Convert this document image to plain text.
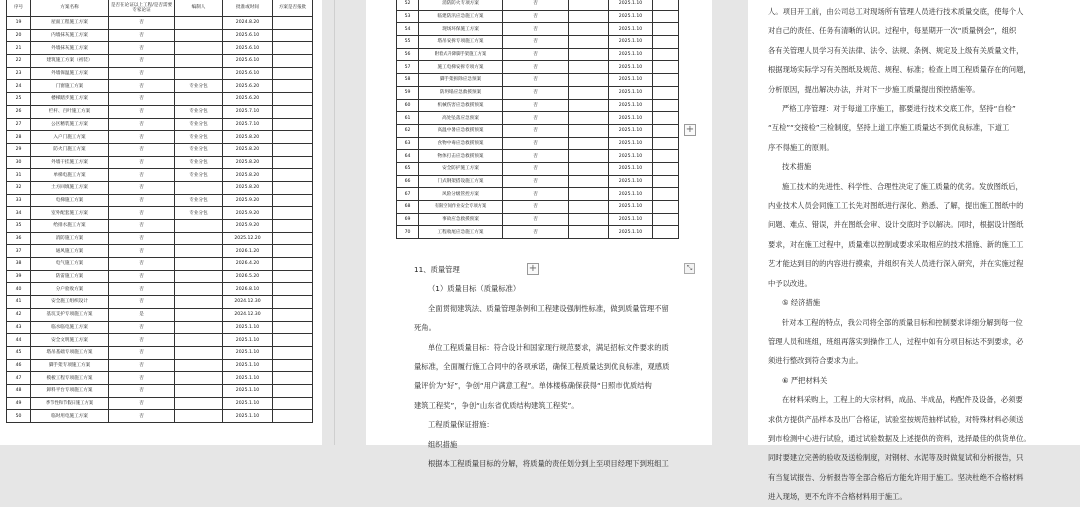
序号	方案名称	是否在论证以上工程/是否需要专家论证	编制人	批准或时间	方案是否报批
19	屋面工程施工方案	否		2024.8.20	
20	内墙抹灰施工方案	否		2025.6.10	
21	外墙抹灰施工方案	否		2025.6.10	
22	建筑施工方案（初装）	否		2025.6.10	
23	外墙保温施工方案	否		2025.6.10	
24	门窗施工方案	否	专业分包	2025.6.20	
25	楼梯踏步施工方案	否		2025.6.20	
26	栏杆、百叶施工方案	否	专业分包	2025.7.10	
27	公区精装施工方案	否	专业分包	2025.7.10	
28	入户门施工方案	否	专业分包	2025.8.20	
29	防火门施工方案	否	专业分包	2025.8.20	
30	外墙干挂施工方案	否	专业分包	2025.8.20	
31	单梯电施工方案	否	专业分包	2025.8.20	
32	土方回填施工方案	否		2025.8.20	
33	电梯施工方案	否	专业分包	2025.9.20	
34	室外配套施工方案	否	专业分包	2025.9.20	
35	给排水施工方案	否		2025.9.20	
36	消防施工方案	否		2025.12.20	
37	通风施工方案	否		2026.1.20	
38	电气施工方案	否		2026.4.20	
39	防雷施工方案	否		2026.5.20	
40	分户验收方案	否		2026.8.10	
41	安全施工组织设计	否		2024.12.30	
42	基坑支护专项施工方案	是		2024.12.30	
43	临水临电施工方案	否		2025.1.10	
44	安全文明施工方案	否		2025.1.10	
45	塔吊基础专项施工方案	否		2025.1.10	
46	脚手架专项施工方案	否		2025.1.10	
47	模板工程专项施工方案	否		2025.1.10	
48	卸料平台专项施工方案	否		2025.1.10	
49	季节性和节假日施工方案	否		2025.1.10	
50	临时用电施工方案	否		2025.1.10	
52	消防防火专项方案	否		2025.1.10	
53	临建防汛应急施工方案	否		2025.1.10	
54	现场环保施工方案	否		2025.1.10	
55	塔吊安拆专项施工方案	否		2025.1.10	
56	附着式升降脚手架施工方案	否		2025.1.10	
57	施工电梯安拆专项方案	否		2025.1.10	
58	脚手架拆除应急预案	否		2025.1.10	
59	防坍塌应急救援预案	否		2025.1.10	
60	机械伤害应急救援预案	否		2025.1.10	
61	高处坠落应急预案	否		2025.1.10	
62	高温中暑应急救援预案	否		2025.1.10	
63	食物中毒应急救援预案	否		2025.1.10	
64	物体打击应急救援预案	否		2025.1.10	
65	安全防护施工方案	否		2025.1.10	
66	门式钢架搭设施工方案	否		2025.1.10	
67	风险分级管控方案	否		2025.1.10	
68	有限空间作业安全专项方案	否		2025.1.10	
69	事故应急救援预案	否		2025.1.10	
70	工程收尾应急施工方案	否		2025.1.10	

11、质量管理

（1）质量目标（质量标准）

全面贯彻建筑法、质量管理条例和工程建设强制性标准，做到质量管理不留

死角。

单位工程质量目标：符合设计和国家现行规范要求，满足招标文件要求的质

量标准，全面履行施工合同中的各项承诺，确保工程质量达到优良标准，观感质

量评价为“好”，争创“用户满意工程”。单体楼栋确保获得“日照市优质结构

建筑工程奖”，争创“山东省优质结构建筑工程奖”。

工程质量保证措施：

组织措施

根据本工程质量目标的分解，将质量的责任划分到上至项目经理下到班组工

+
+
⤡

人。项目开工前，由公司总工对现场所有管理人员进行技术质量交底，使每个人

对自己的责任、任务有清晰的认识。过程中，每星期开一次“质量例会”，组织

各有关管理人员学习有关法律、法令、法规、条例、规定及上级有关质量文件，

根据现场实际学习有关图纸及规范、规程、标准；检查上周工程质量存在的问题，

分析原因，提出解决办法，并对下一步施工质量提出预控措施等。

严格工序管理：对于每道工序施工，都要进行技术交底工作，坚持“自检”

“互检”“交接检”三检制度，坚持上道工序施工质量达不到优良标准，下道工

序不得施工的原则。

技术措施

施工技术的先进性、科学性、合理性决定了施工质量的优劣。发放图纸后，

内业技术人员会同施工工长先对图纸进行深化、熟悉、了解，提出施工图纸中的

问题、难点、错误，并在图纸会审、设计交底时予以解决。同时，根据设计图纸

要求，对在施工过程中，质量难以控制或要求采取相应的技术措施、新的施工工

艺才能达到目的的内容进行摸索，并组织有关人员进行深入研究，并在实施过程

中予以改进。

⑤ 经济措施

针对本工程的特点，我公司将全部的质量目标和控制要求详细分解到每一位

管理人员和班组，班组再落实到操作工人，过程中如有分项目标达不到要求，必

须进行整改到符合要求为止。

⑥ 严把材料关

在材料采购上，工程上的大宗材料，成品、半成品，构配件及设备，必须要

求供方提供产品样本及出厂合格证，试验室按规范抽样试验，对特殊材料必须送

到市检测中心进行试验，通过试验数据及上述提供的资料，选择最佳的供货单位。

同时要建立完善的验收及送检制度，对钢材、水泥等及时做复试和分析报告，只

有当复试报告、分析报告等全部合格后方能允许用于施工。坚决杜绝不合格材料

进入现场，更不允许不合格材料用于施工。
